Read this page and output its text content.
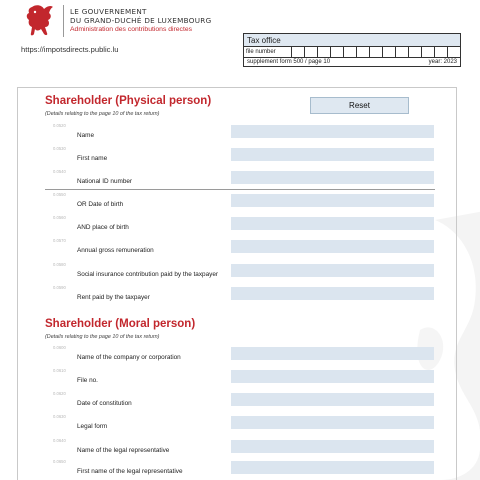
LE GOUVERNEMENT
DU GRAND-DUCHÉ DE LUXEMBOURG
Administration des contributions directes
https://impotsdirects.public.lu
Tax office
file number
supplement form 500 / page 10	year: 2023
Shareholder (Physical person)
(Details relating to the page 10 of the tax return)
Reset
0.0520
Name
0.0530
First name
0.0540
National ID number
0.0550
OR Date of birth
0.0560
AND place of birth
0.0570
Annual gross remuneration
0.0580
Social insurance contribution paid by the taxpayer
0.0590
Rent paid by the taxpayer
Shareholder (Moral person)
(Details relating to the page 10 of the tax return)
0.0600
Name of the company or corporation
0.0610
File no.
0.0620
Date of constitution
0.0630
Legal form
0.0640
Name of the legal representative
0.0650
First name of the legal representative
